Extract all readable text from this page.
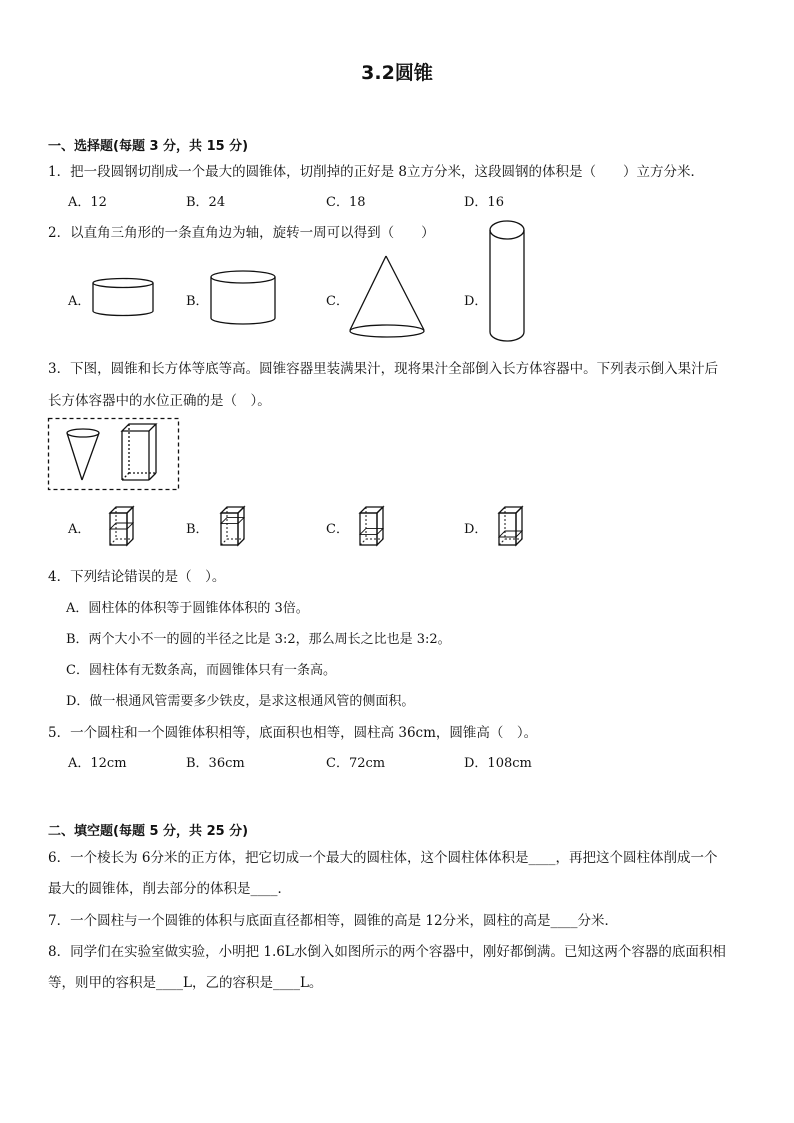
3.2圆锥
一、选择题(每题 3 分，共 15 分)
1．把一段圆钢切削成一个最大的圆锥体，切削掉的正好是 8立方分米，这段圆钢的体积是（　　）立方分米．
A．12	B．24	C．18	D．16
2．以直角三角形的一条直角边为轴，旋转一周可以得到（　　）
A．	B．	C．	D．
3．下图，圆锥和长方体等底等高。圆锥容器里装满果汁，现将果汁全部倒入长方体容器中。下列表示倒入果汁后
长方体容器中的水位正确的是（　）。
A．	B．	C．	D．
4．下列结论错误的是（　）。
A．圆柱体的体积等于圆锥体体积的 3倍。
B．两个大小不一的圆的半径之比是 3:2，那么周长之比也是 3:2。
C．圆柱体有无数条高，而圆锥体只有一条高。
D．做一根通风管需要多少铁皮，是求这根通风管的侧面积。
5．一个圆柱和一个圆锥体积相等，底面积也相等，圆柱高 36cm，圆锥高（　）。
A．12cm	B．36cm	C．72cm	D．108cm
二、填空题(每题 5 分，共 25 分)
6．一个棱长为 6分米的正方体，把它切成一个最大的圆柱体，这个圆柱体体积是____，再把这个圆柱体削成一个
最大的圆锥体，削去部分的体积是____．
7．一个圆柱与一个圆锥的体积与底面直径都相等，圆锥的高是 12分米，圆柱的高是____分米．
8．同学们在实验室做实验，小明把 1.6L水倒入如图所示的两个容器中，刚好都倒满。已知这两个容器的底面积相
等，则甲的容积是____L，乙的容积是____L。
